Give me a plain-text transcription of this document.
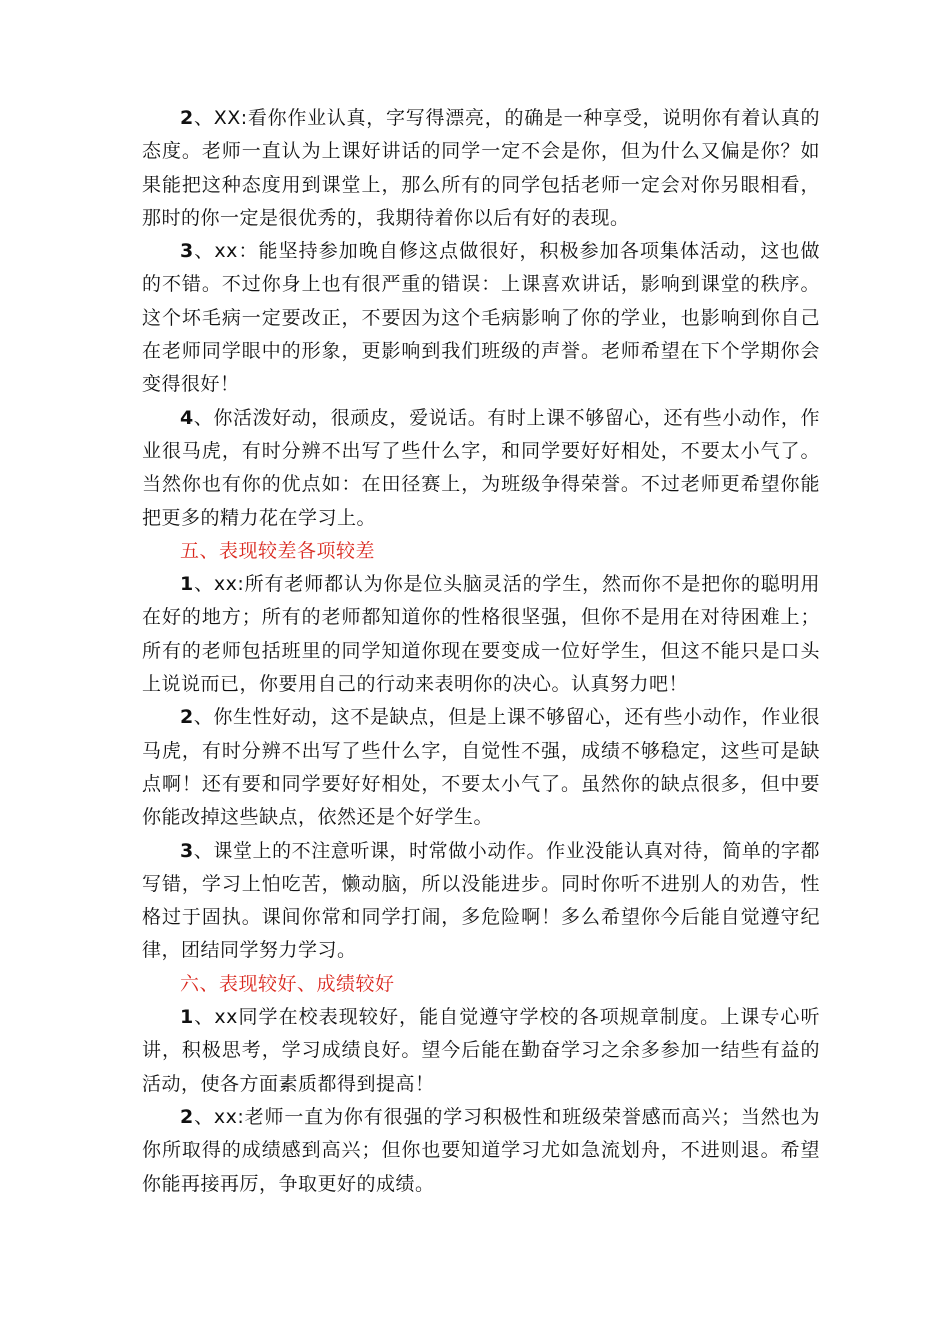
2、XX:看你作业认真，字写得漂亮，的确是一种享受，说明你有着认真的态度。老师一直认为上课好讲话的同学一定不会是你，但为什么又偏是你？如果能把这种态度用到课堂上，那么所有的同学包括老师一定会对你另眼相看，那时的你一定是很优秀的，我期待着你以后有好的表现。

3、xx：能坚持参加晚自修这点做很好，积极参加各项集体活动，这也做的不错。不过你身上也有很严重的错误：上课喜欢讲话，影响到课堂的秩序。这个坏毛病一定要改正，不要因为这个毛病影响了你的学业，也影响到你自己在老师同学眼中的形象，更影响到我们班级的声誉。老师希望在下个学期你会变得很好！

4、你活泼好动，很顽皮，爱说话。有时上课不够留心，还有些小动作，作业很马虎，有时分辨不出写了些什么字，和同学要好好相处，不要太小气了。当然你也有你的优点如：在田径赛上，为班级争得荣誉。不过老师更希望你能把更多的精力花在学习上。

五、表现较差各项较差

1、xx:所有老师都认为你是位头脑灵活的学生，然而你不是把你的聪明用在好的地方；所有的老师都知道你的性格很坚强，但你不是用在对待困难上；所有的老师包括班里的同学知道你现在要变成一位好学生，但这不能只是口头上说说而已，你要用自己的行动来表明你的决心。认真努力吧！

2、你生性好动，这不是缺点，但是上课不够留心，还有些小动作，作业很马虎，有时分辨不出写了些什么字，自觉性不强，成绩不够稳定，这些可是缺点啊！还有要和同学要好好相处，不要太小气了。虽然你的缺点很多，但中要你能改掉这些缺点，依然还是个好学生。

3、课堂上的不注意听课，时常做小动作。作业没能认真对待，简单的字都写错，学习上怕吃苦，懒动脑，所以没能进步。同时你听不进别人的劝告，性格过于固执。课间你常和同学打闹，多危险啊！多么希望你今后能自觉遵守纪律，团结同学努力学习。

六、表现较好、成绩较好

1、xx同学在校表现较好，能自觉遵守学校的各项规章制度。上课专心听讲，积极思考，学习成绩良好。望今后能在勤奋学习之余多参加一结些有益的活动，使各方面素质都得到提高！

2、xx:老师一直为你有很强的学习积极性和班级荣誉感而高兴；当然也为你所取得的成绩感到高兴；但你也要知道学习尤如急流划舟，不进则退。希望你能再接再厉，争取更好的成绩。
